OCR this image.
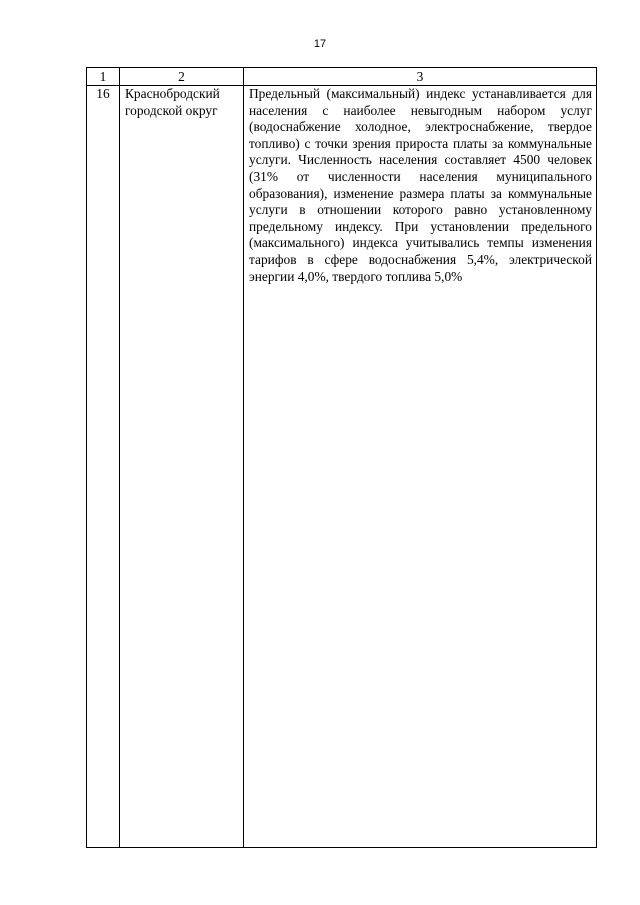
17
1	2	3
16	Краснобродский городской округ	Предельный (максимальный) индекс устанавливается для населения с наиболее невыгодным набором услуг (водоснабжение холодное, электроснабжение, твердое топливо) с точки зрения прироста платы за коммунальные услуги. Численность населения составляет 4500 человек (31% от численности населения муниципального образования), изменение размера платы за коммунальные услуги в отношении которого равно установленному предельному индексу. При установлении предельного (максимального) индекса учитывались темпы изменения тарифов в сфере водоснабжения 5,4%, электрической энергии 4,0%, твердого топлива 5,0%
